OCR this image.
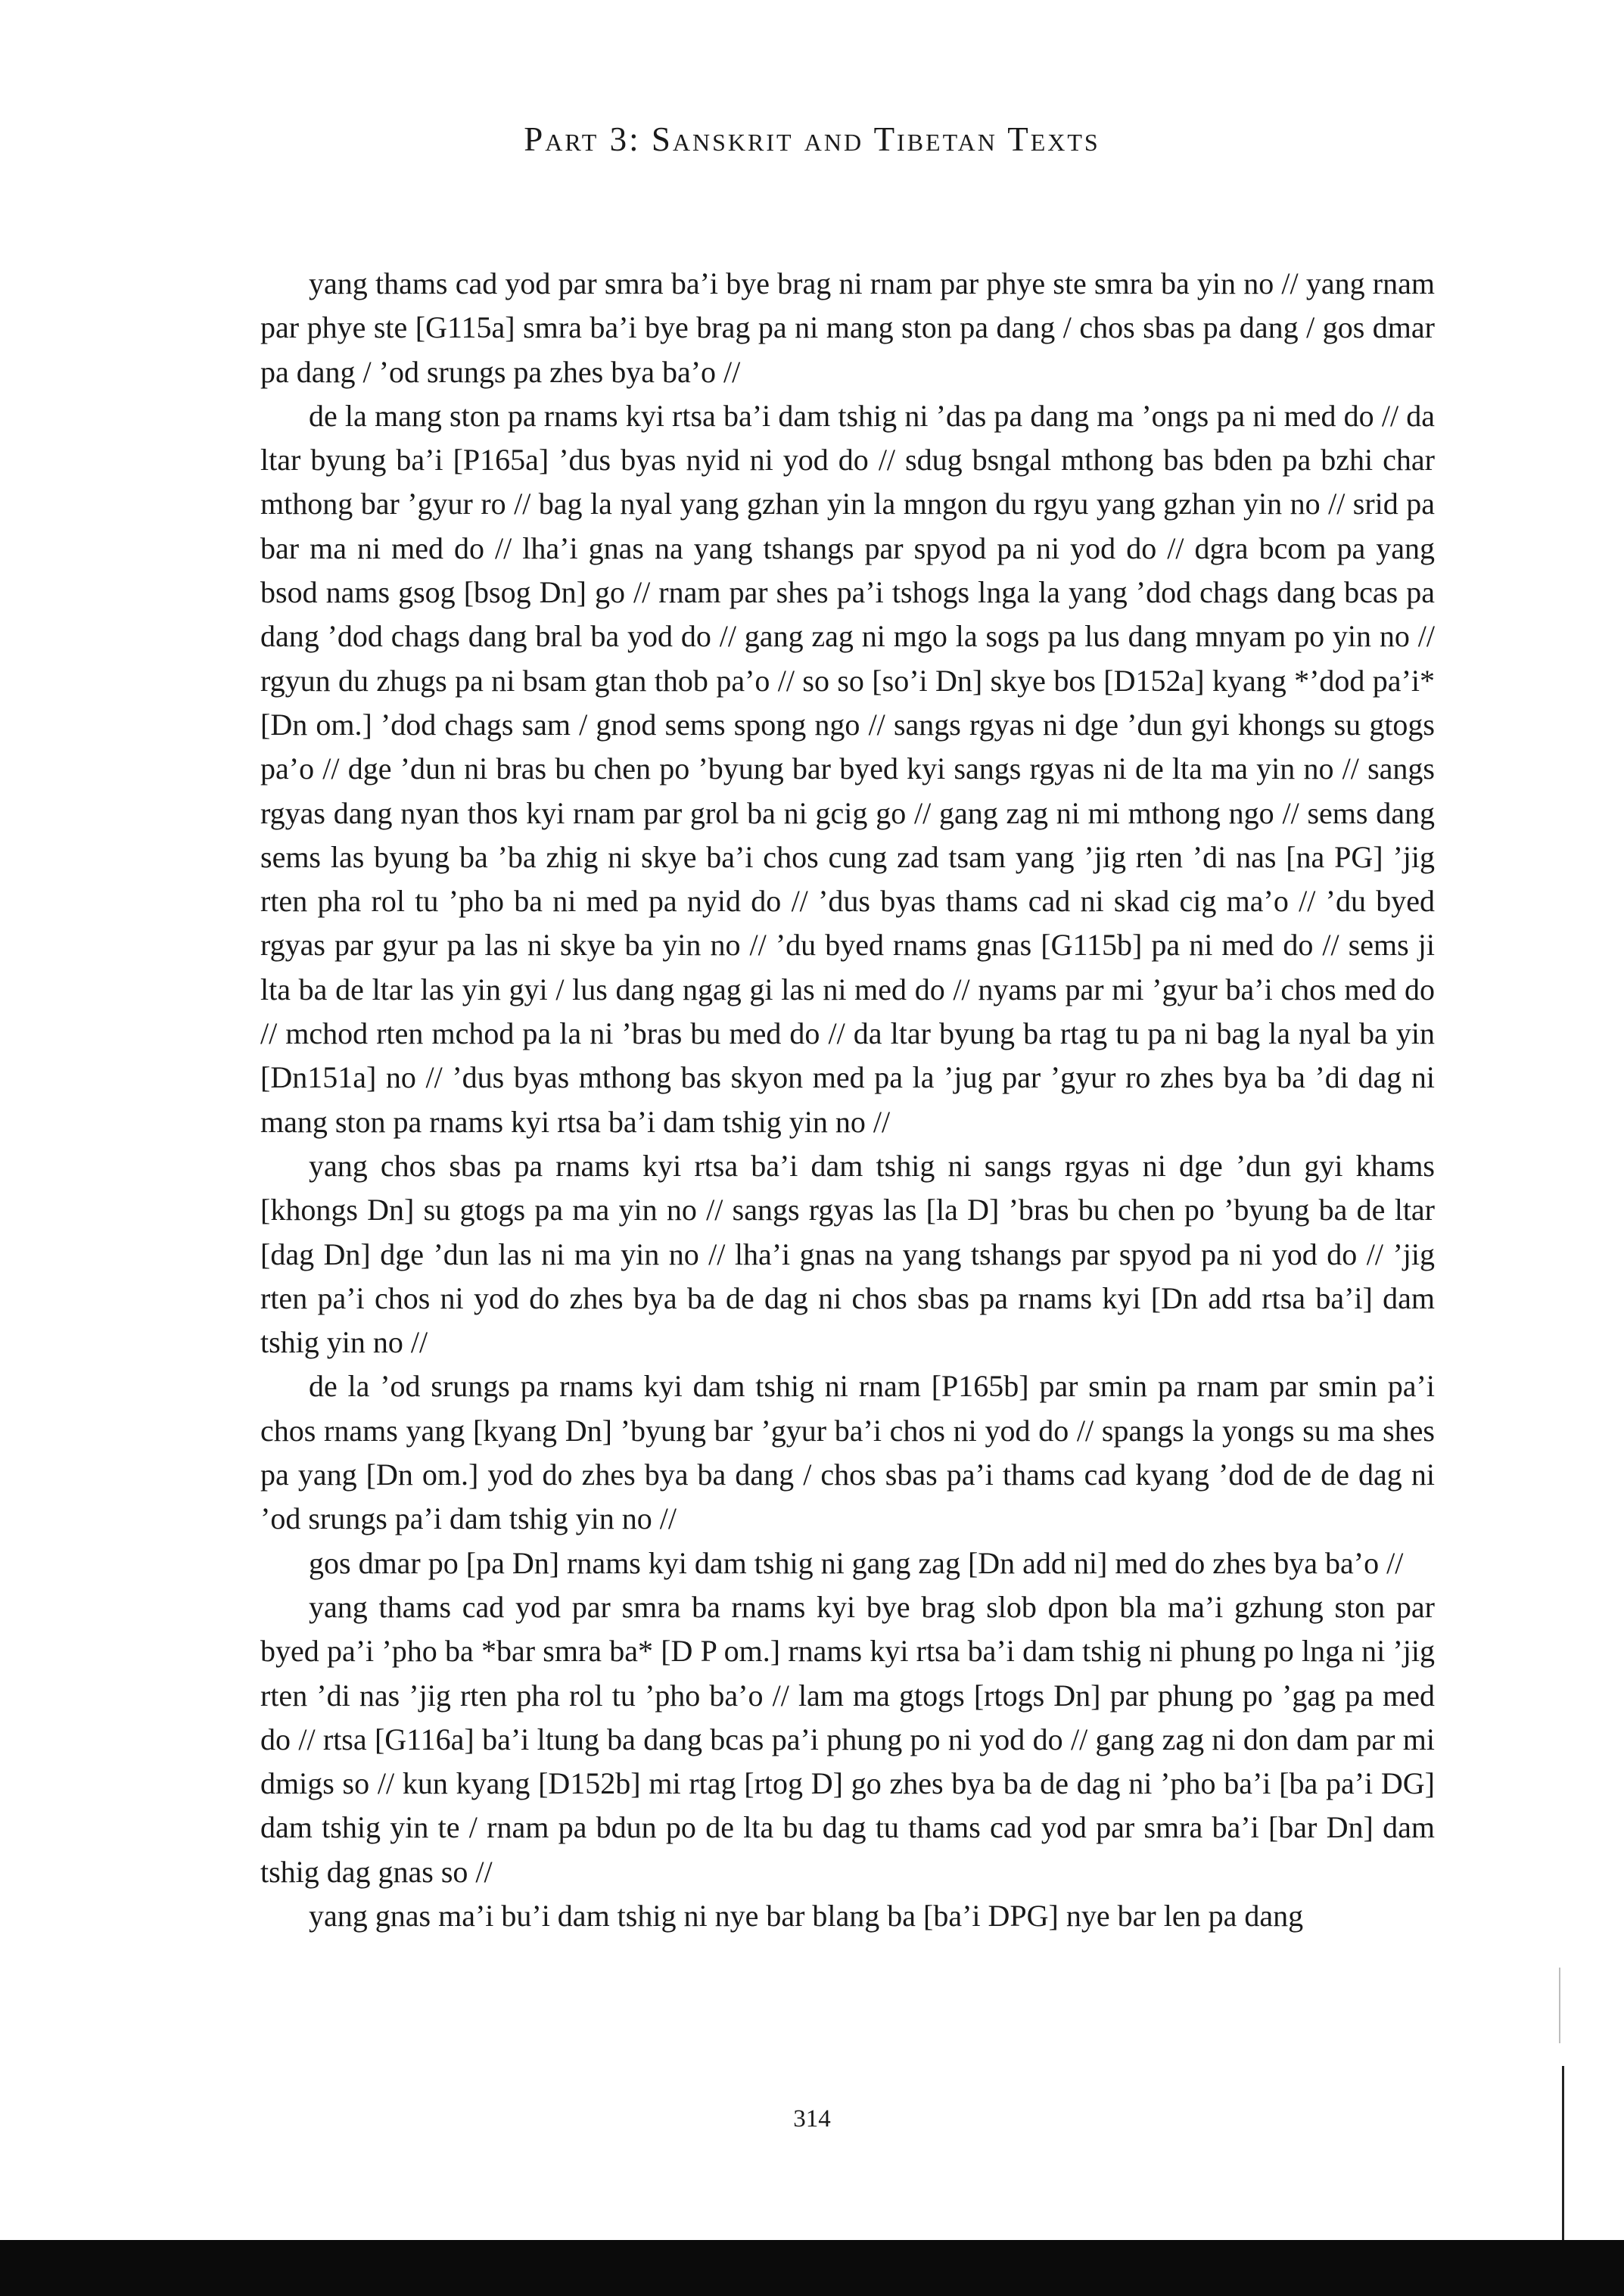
Part 3: Sanskrit and Tibetan Texts

yang thams cad yod par smra ba’i bye brag ni rnam par phye ste smra ba yin no // yang rnam par phye ste [G115a] smra ba’i bye brag pa ni mang ston pa dang / chos sbas pa dang / gos dmar pa dang / ’od srungs pa zhes bya ba’o //

de la mang ston pa rnams kyi rtsa ba’i dam tshig ni ’das pa dang ma ’ongs pa ni med do // da ltar byung ba’i [P165a] ’dus byas nyid ni yod do // sdug bsngal mthong bas bden pa bzhi char mthong bar ’gyur ro // bag la nyal yang gzhan yin la mngon du rgyu yang gzhan yin no // srid pa bar ma ni med do // lha’i gnas na yang tshangs par spyod pa ni yod do // dgra bcom pa yang bsod nams gsog [bsog Dn] go // rnam par shes pa’i tshogs lnga la yang ’dod chags dang bcas pa dang ’dod chags dang bral ba yod do // gang zag ni mgo la sogs pa lus dang mnyam po yin no // rgyun du zhugs pa ni bsam gtan thob pa’o // so so [so’i Dn] skye bos [D152a] kyang *’dod pa’i* [Dn om.] ’dod chags sam / gnod sems spong ngo // sangs rgyas ni dge ’dun gyi khongs su gtogs pa’o // dge ’dun ni bras bu chen po ’byung bar byed kyi sangs rgyas ni de lta ma yin no // sangs rgyas dang nyan thos kyi rnam par grol ba ni gcig go // gang zag ni mi mthong ngo // sems dang sems las byung ba ’ba zhig ni skye ba’i chos cung zad tsam yang ’jig rten ’di nas [na PG] ’jig rten pha rol tu ’pho ba ni med pa nyid do // ’dus byas thams cad ni skad cig ma’o // ’du byed rgyas par gyur pa las ni skye ba yin no // ’du byed rnams gnas [G115b] pa ni med do // sems ji lta ba de ltar las yin gyi / lus dang ngag gi las ni med do // nyams par mi ’gyur ba’i chos med do // mchod rten mchod pa la ni ’bras bu med do // da ltar byung ba rtag tu pa ni bag la nyal ba yin [Dn151a] no // ’dus byas mthong bas skyon med pa la ’jug par ’gyur ro zhes bya ba ’di dag ni mang ston pa rnams kyi rtsa ba’i dam tshig yin no //

yang chos sbas pa rnams kyi rtsa ba’i dam tshig ni sangs rgyas ni dge ’dun gyi khams [khongs Dn] su gtogs pa ma yin no // sangs rgyas las [la D] ’bras bu chen po ’byung ba de ltar [dag Dn] dge ’dun las ni ma yin no // lha’i gnas na yang tshangs par spyod pa ni yod do // ’jig rten pa’i chos ni yod do zhes bya ba de dag ni chos sbas pa rnams kyi [Dn add rtsa ba’i] dam tshig yin no //

de la ’od srungs pa rnams kyi dam tshig ni rnam [P165b] par smin pa rnam par smin pa’i chos rnams yang [kyang Dn] ’byung bar ’gyur ba’i chos ni yod do // spangs la yongs su ma shes pa yang [Dn om.] yod do zhes bya ba dang / chos sbas pa’i thams cad kyang ’dod de de dag ni ’od srungs pa’i dam tshig yin no //

gos dmar po [pa Dn] rnams kyi dam tshig ni gang zag [Dn add ni] med do zhes bya ba’o //

yang thams cad yod par smra ba rnams kyi bye brag slob dpon bla ma’i gzhung ston par byed pa’i ’pho ba *bar smra ba* [D P om.] rnams kyi rtsa ba’i dam tshig ni phung po lnga ni ’jig rten ’di nas ’jig rten pha rol tu ’pho ba’o // lam ma gtogs [rtogs Dn] par phung po ’gag pa med do // rtsa [G116a] ba’i ltung ba dang bcas pa’i phung po ni yod do // gang zag ni don dam par mi dmigs so // kun kyang [D152b] mi rtag [rtog D] go zhes bya ba de dag ni ’pho ba’i [ba pa’i DG] dam tshig yin te / rnam pa bdun po de lta bu dag tu thams cad yod par smra ba’i [bar Dn] dam tshig dag gnas so //

yang gnas ma’i bu’i dam tshig ni nye bar blang ba [ba’i DPG] nye bar len pa dang

314
